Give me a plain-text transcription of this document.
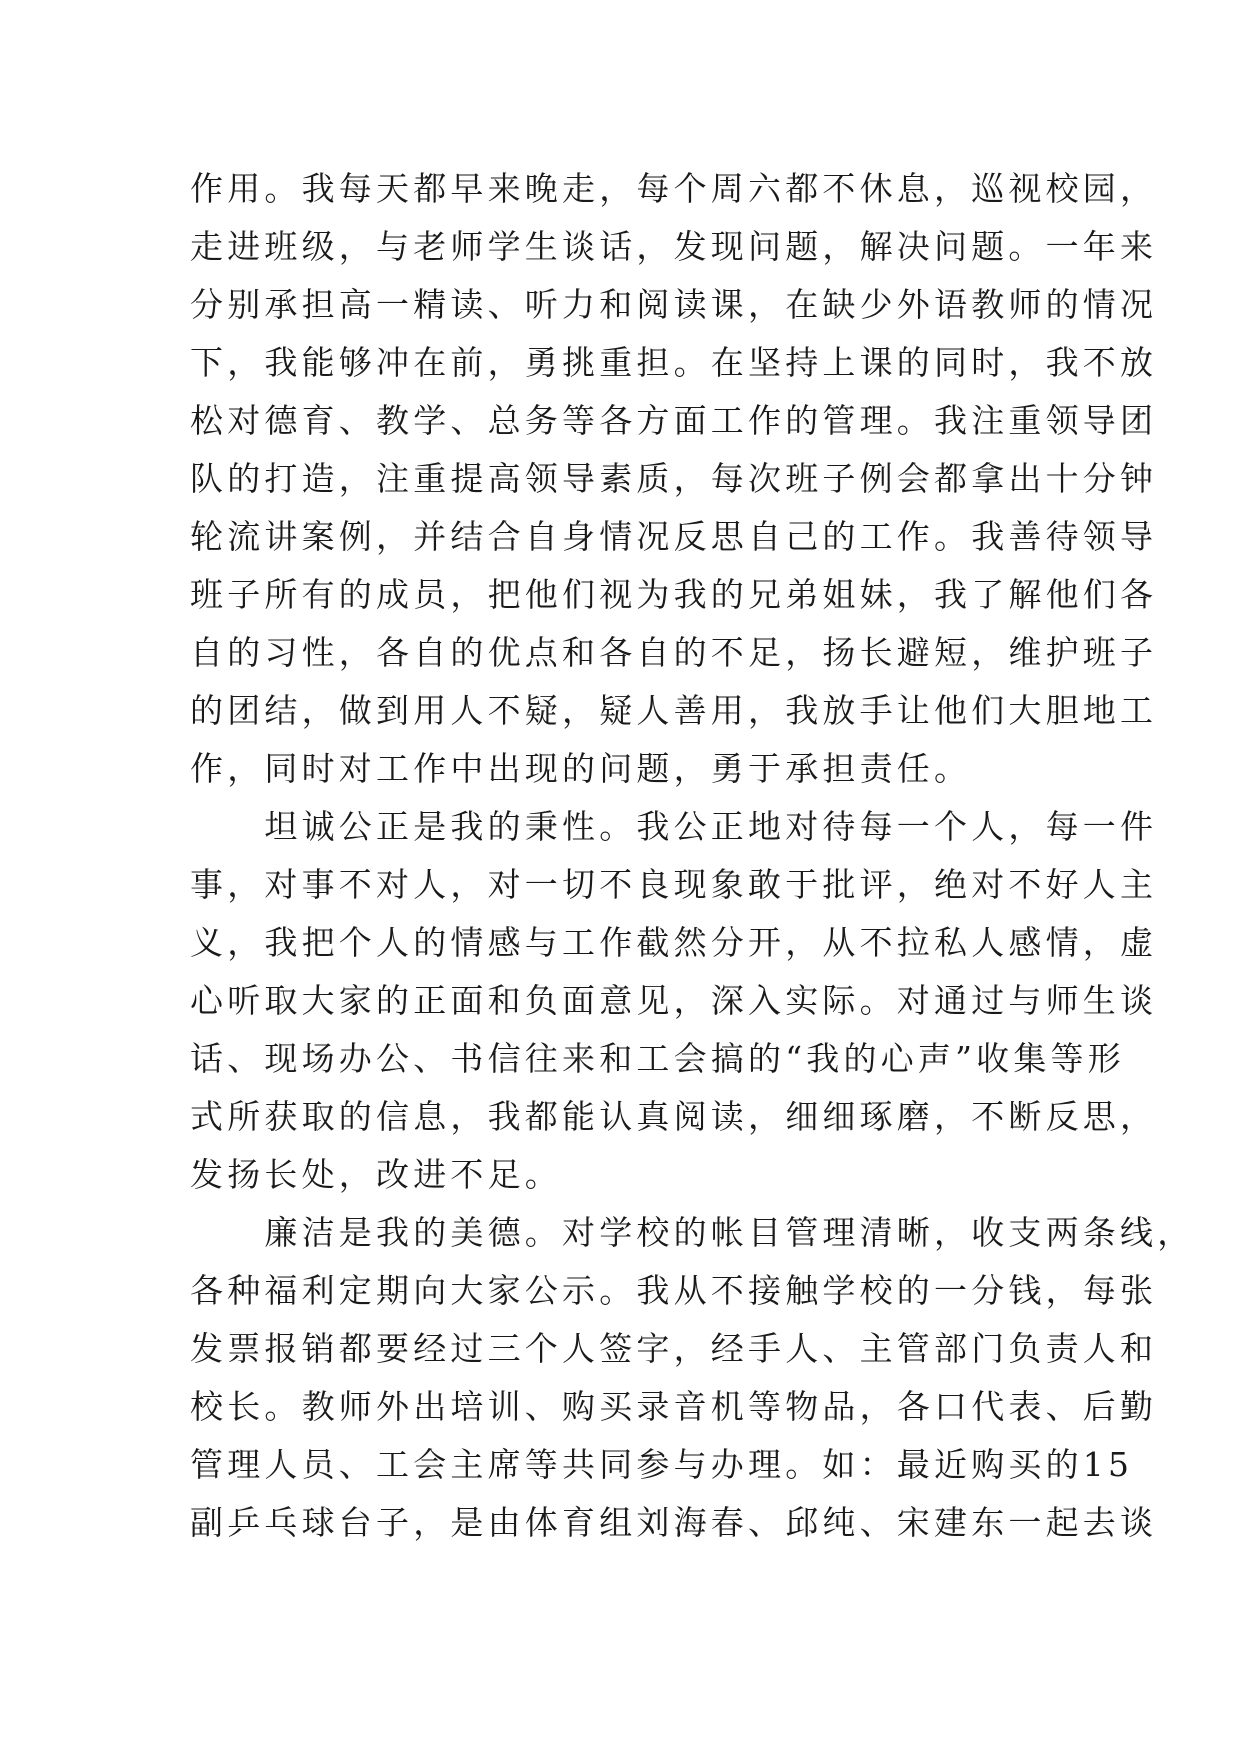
作用。我每天都早来晚走，每个周六都不休息，巡视校园，
走进班级，与老师学生谈话，发现问题，解决问题。一年来
分别承担高一精读、听力和阅读课，在缺少外语教师的情况
下，我能够冲在前，勇挑重担。在坚持上课的同时，我不放
松对德育、教学、总务等各方面工作的管理。我注重领导团
队的打造，注重提高领导素质，每次班子例会都拿出十分钟
轮流讲案例，并结合自身情况反思自己的工作。我善待领导
班子所有的成员，把他们视为我的兄弟姐妹，我了解他们各
自的习性，各自的优点和各自的不足，扬长避短，维护班子
的团结，做到用人不疑，疑人善用，我放手让他们大胆地工
作，同时对工作中出现的问题，勇于承担责任。
　　坦诚公正是我的秉性。我公正地对待每一个人，每一件
事，对事不对人，对一切不良现象敢于批评，绝对不好人主
义，我把个人的情感与工作截然分开，从不拉私人感情，虚
心听取大家的正面和负面意见，深入实际。对通过与师生谈
话、现场办公、书信往来和工会搞的“我的心声”收集等形
式所获取的信息，我都能认真阅读，细细琢磨，不断反思，
发扬长处，改进不足。
　　廉洁是我的美德。对学校的帐目管理清晰，收支两条线，
各种福利定期向大家公示。我从不接触学校的一分钱，每张
发票报销都要经过三个人签字，经手人、主管部门负责人和
校长。教师外出培训、购买录音机等物品，各口代表、后勤
管理人员、工会主席等共同参与办理。如：最近购买的15
副乒乓球台子，是由体育组刘海春、邱纯、宋建东一起去谈
